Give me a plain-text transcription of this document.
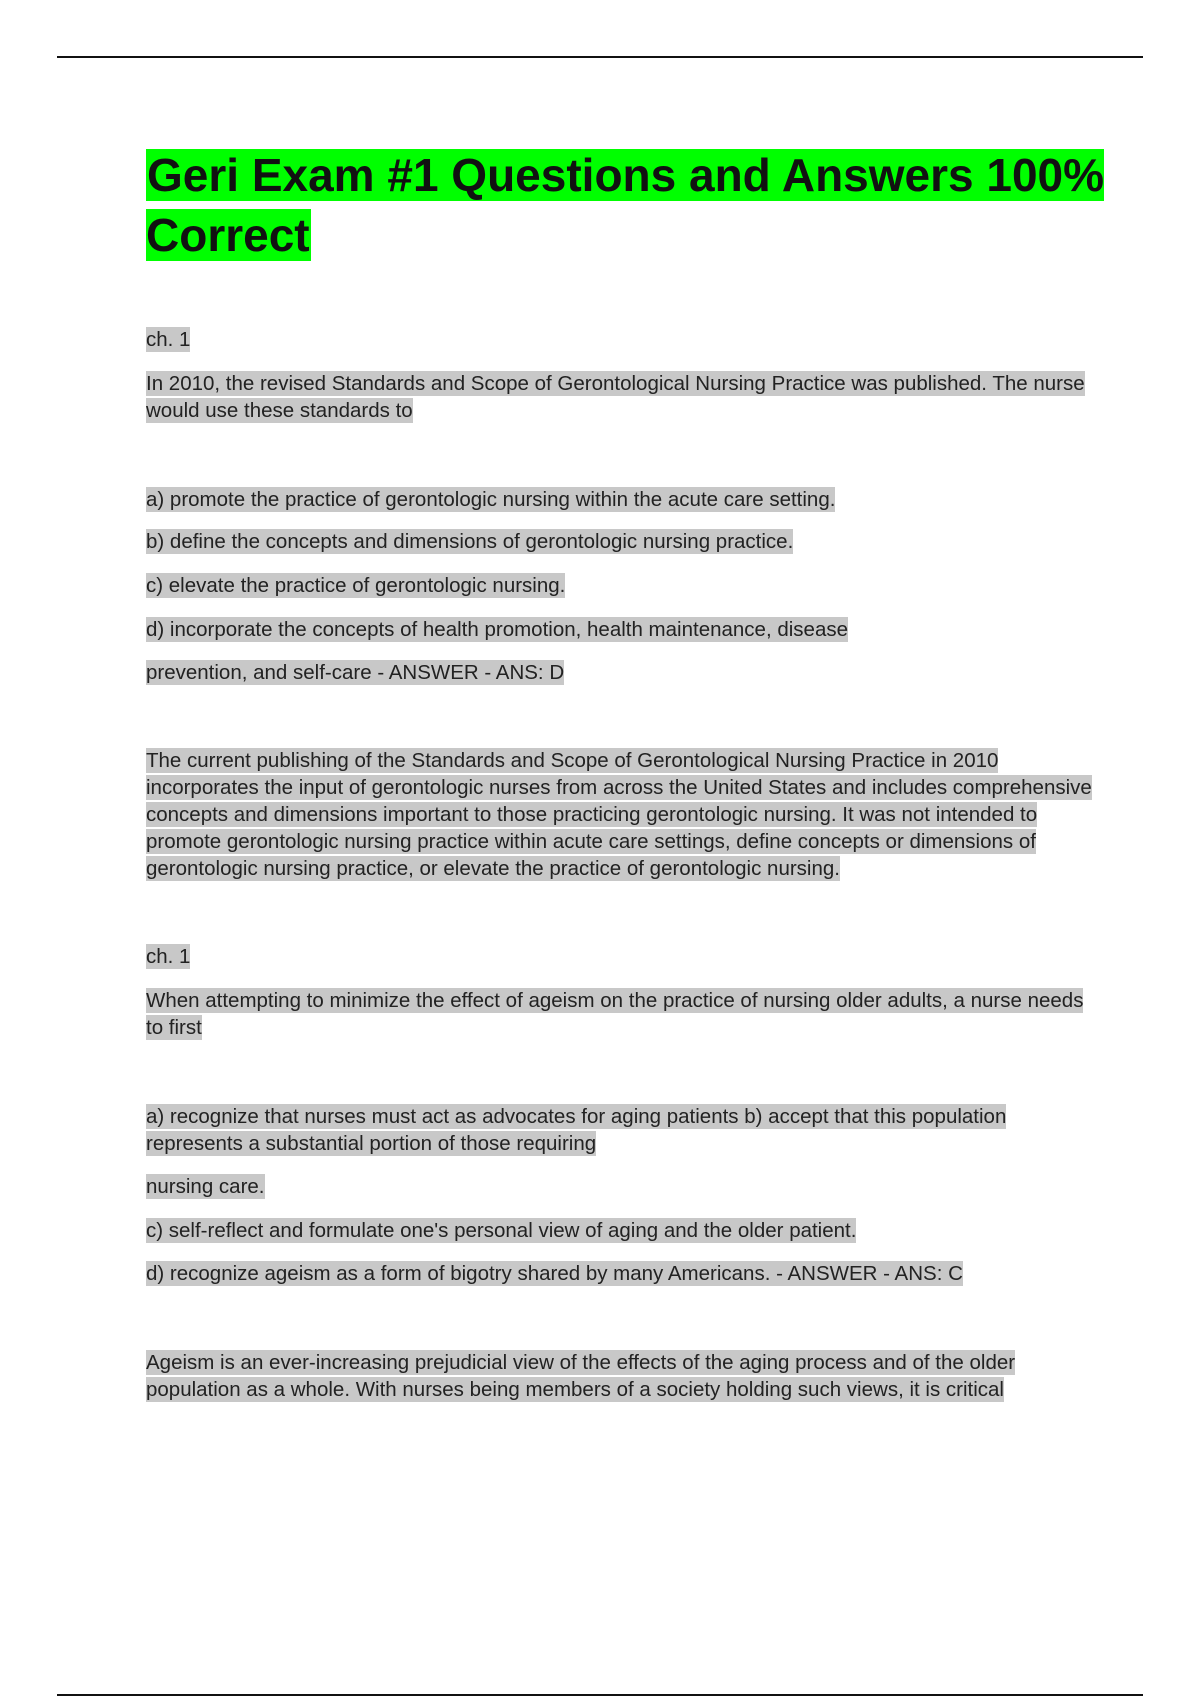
Geri Exam #1 Questions and Answers 100% Correct

ch. 1

In 2010, the revised Standards and Scope of Gerontological Nursing Practice was published. The nurse would use these standards to

a) promote the practice of gerontologic nursing within the acute care setting.

b) define the concepts and dimensions of gerontologic nursing practice.

c) elevate the practice of gerontologic nursing.

d) incorporate the concepts of health promotion, health maintenance, disease

prevention, and self-care - ANSWER - ANS: D

The current publishing of the Standards and Scope of Gerontological Nursing Practice in 2010 incorporates the input of gerontologic nurses from across the United States and includes comprehensive concepts and dimensions important to those practicing gerontologic nursing. It was not intended to promote gerontologic nursing practice within acute care settings, define concepts or dimensions of gerontologic nursing practice, or elevate the practice of gerontologic nursing.

ch. 1

When attempting to minimize the effect of ageism on the practice of nursing older adults, a nurse needs to first

a) recognize that nurses must act as advocates for aging patients b) accept that this population represents a substantial portion of those requiring

nursing care.

c) self-reflect and formulate one's personal view of aging and the older patient.

d) recognize ageism as a form of bigotry shared by many Americans. - ANSWER - ANS: C

Ageism is an ever-increasing prejudicial view of the effects of the aging process and of the older population as a whole. With nurses being members of a society holding such views, it is critical
